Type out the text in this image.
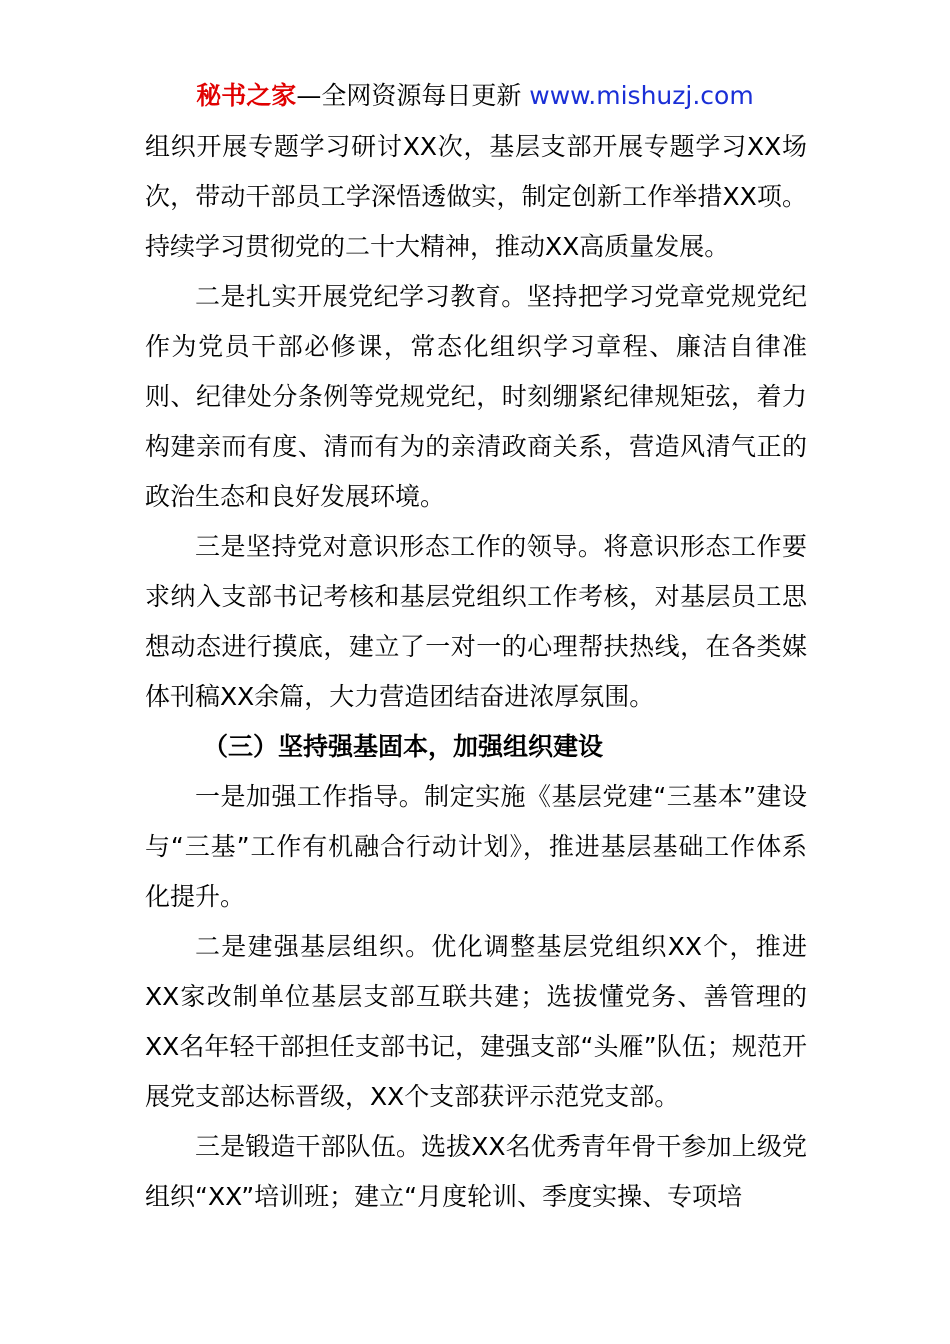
秘书之家—全网资源每日更新 www.mishuzj.com

组织开展专题学习研讨XX次，基层支部开展专题学习XX场次，带动干部员工学深悟透做实，制定创新工作举措XX项。持续学习贯彻党的二十大精神，推动XX高质量发展。

二是扎实开展党纪学习教育。坚持把学习党章党规党纪作为党员干部必修课，常态化组织学习章程、廉洁自律准则、纪律处分条例等党规党纪，时刻绷紧纪律规矩弦，着力构建亲而有度、清而有为的亲清政商关系，营造风清气正的政治生态和良好发展环境。

三是坚持党对意识形态工作的领导。将意识形态工作要求纳入支部书记考核和基层党组织工作考核，对基层员工思想动态进行摸底，建立了一对一的心理帮扶热线，在各类媒体刊稿XX余篇，大力营造团结奋进浓厚氛围。

（三）坚持强基固本，加强组织建设

一是加强工作指导。制定实施《基层党建“三基本”建设与“三基”工作有机融合行动计划》，推进基层基础工作体系化提升。

二是建强基层组织。优化调整基层党组织XX个，推进XX家改制单位基层支部互联共建；选拔懂党务、善管理的XX名年轻干部担任支部书记，建强支部“头雁”队伍；规范开展党支部达标晋级，XX个支部获评示范党支部。

三是锻造干部队伍。选拔XX名优秀青年骨干参加上级党组织“XX”培训班；建立“月度轮训、季度实操、专项培
